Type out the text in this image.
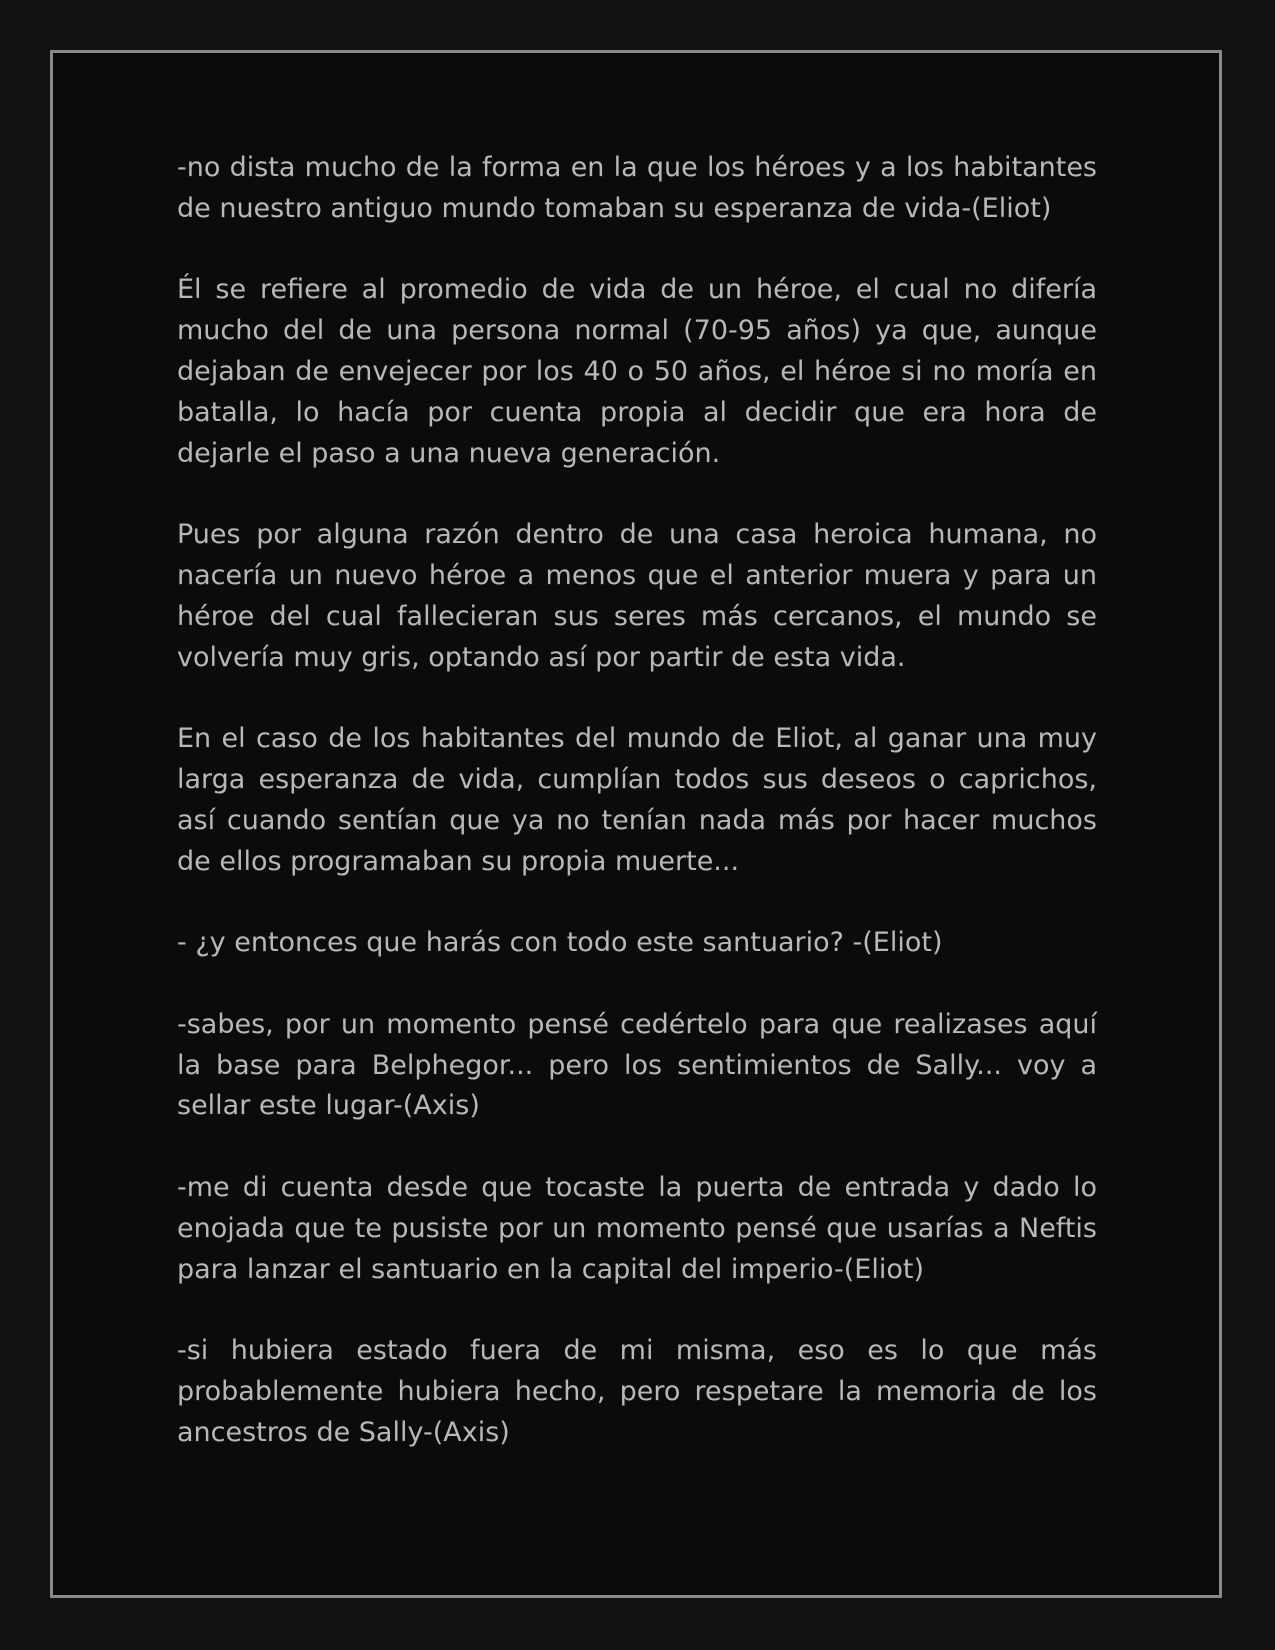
-no dista mucho de la forma en la que los héroes y a los habitantes de nuestro antiguo mundo tomaban su esperanza de vida-(Eliot)

Él se refiere al promedio de vida de un héroe, el cual no difería mucho del de una persona normal (70-95 años) ya que, aunque dejaban de envejecer por los 40 o 50 años, el héroe si no moría en batalla, lo hacía por cuenta propia al decidir que era hora de dejarle el paso a una nueva generación.

Pues por alguna razón dentro de una casa heroica humana, no nacería un nuevo héroe a menos que el anterior muera y para un héroe del cual fallecieran sus seres más cercanos, el mundo se volvería muy gris, optando así por partir de esta vida.

En el caso de los habitantes del mundo de Eliot, al ganar una muy larga esperanza de vida, cumplían todos sus deseos o caprichos, así cuando sentían que ya no tenían nada más por hacer muchos de ellos programaban su propia muerte...

- ¿y entonces que harás con todo este santuario? -(Eliot)

-sabes, por un momento pensé cedértelo para que realizases aquí la base para Belphegor... pero los sentimientos de Sally... voy a sellar este lugar-(Axis)

-me di cuenta desde que tocaste la puerta de entrada y dado lo enojada que te pusiste por un momento pensé que usarías a Neftis para lanzar el santuario en la capital del imperio-(Eliot)

-si hubiera estado fuera de mi misma, eso es lo que más probablemente hubiera hecho, pero respetare la memoria de los ancestros de Sally-(Axis)
